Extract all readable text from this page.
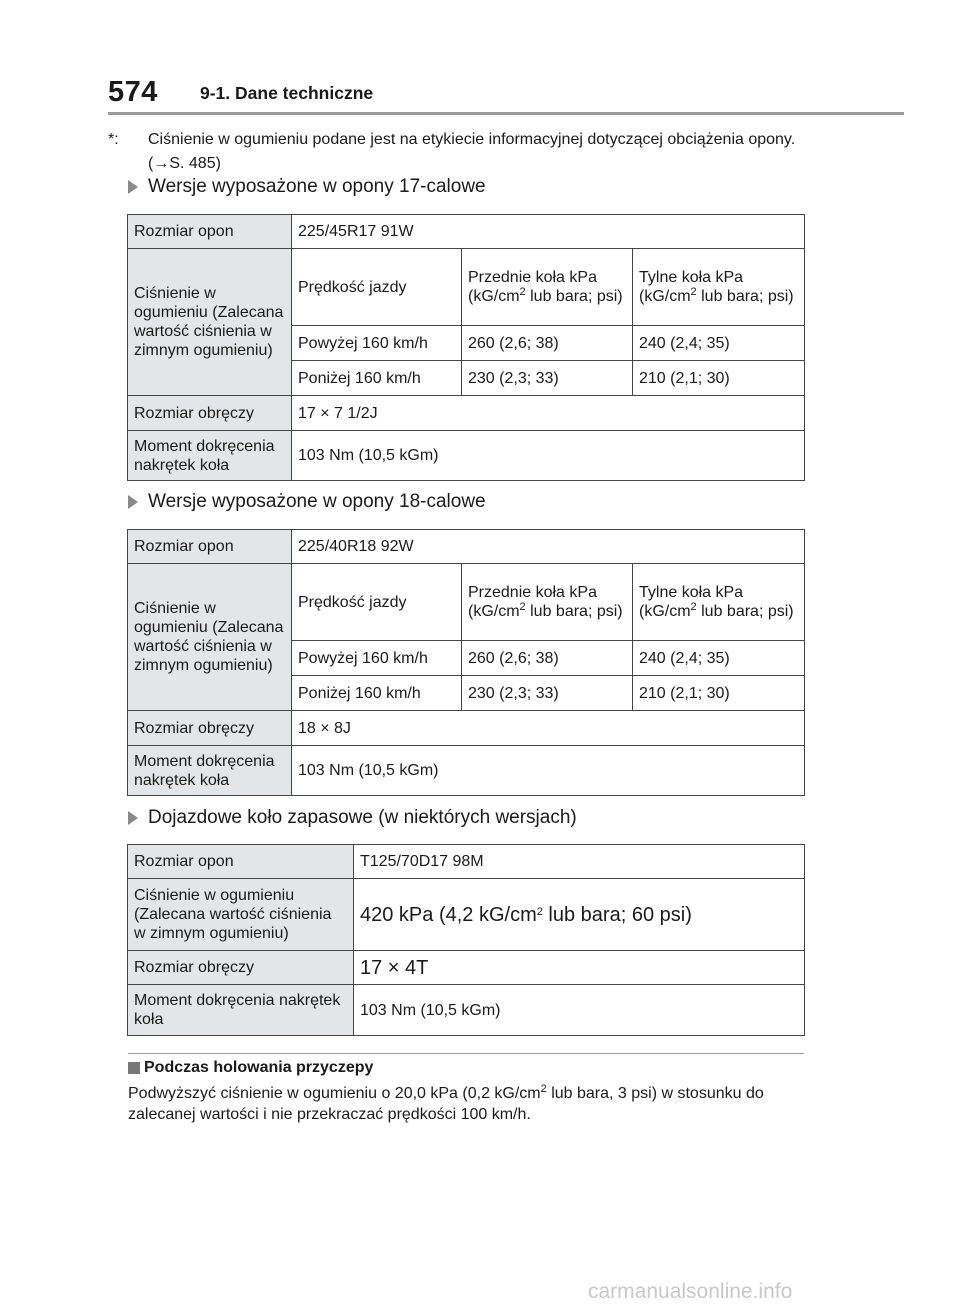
574 9-1. Dane techniczne
*: Ciśnienie w ogumieniu podane jest na etykiecie informacyjnej dotyczącej obciążenia opony. (→S. 485)
Wersje wyposażone w opony 17-calowe
Rozmiar opon	225/45R17 91W		
Ciśnienie w ogumieniu (Zalecana wartość ciśnienia w zimnym ogumieniu)	Prędkość jazdy	Przednie koła kPa ($kG/cm^2$ lub bara; psi)	Tylne koła kPa ($kG/cm^2$ lub bara; psi)
	Powyżej 160 km/h	260 (2,6; 38)	240 (2,4; 35)
	Poniżej 160 km/h	230 (2,3; 33)	210 (2,1; 30)
Rozmiar obręczy	17 × 7 1/2J		
Moment dokręcenia nakrętek koła	103 Nm (10,5 kGm)		
Wersje wyposażone w opony 18-calowe
Rozmiar opon	225/40R18 92W		
Ciśnienie w ogumieniu (Zalecana wartość ciśnienia w zimnym ogumieniu)	Prędkość jazdy	Przednie koła kPa ($kG/cm^2$ lub bara; psi)	Tylne koła kPa ($kG/cm^2$ lub bara; psi)
	Powyżej 160 km/h	260 (2,6; 38)	240 (2,4; 35)
	Poniżej 160 km/h	230 (2,3; 33)	210 (2,1; 30)
Rozmiar obręczy	18 × 8J		
Moment dokręcenia nakrętek koła	103 Nm (10,5 kGm)		
Dojazdowe koło zapasowe (w niektórych wersjach)
Rozmiar opon	T125/70D17 98M
Ciśnienie w ogumieniu (Zalecana wartość ciśnienia w zimnym ogumieniu)	420 kPa (4,2 $kG/cm^2$ lub bara; 60 psi)
Rozmiar obręczy	17 × 4T
Moment dokręcenia nakrętek koła	103 Nm (10,5 kGm)
Podczas holowania przyczepy
Podwyższyć ciśnienie w ogumieniu o 20,0 kPa (0,2 $kG/cm^2$ lub bara, 3 psi) w stosunku do zalecanej wartości i nie przekraczać prędkości 100 km/h.
carmanualsonline.info
